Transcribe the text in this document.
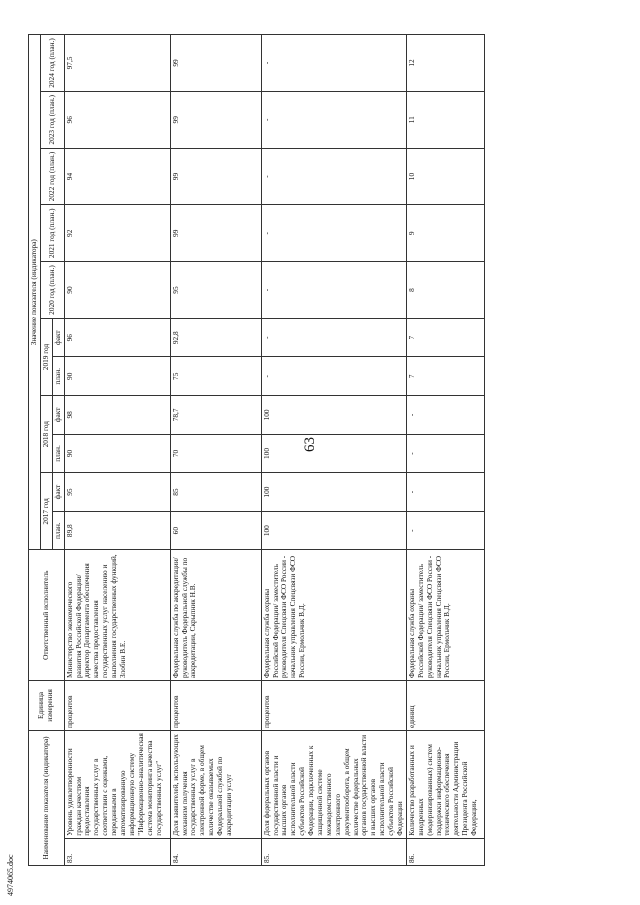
63
4974065.doc
Наименование показателя (индикатора)		Единица измерения	Ответственный исполнитель	Значение показателя (индикатора)										
				2017 год		2018 год		2019 год		2020 год (план.)	2021 год (план.)	2022 год (план.)	2023 год (план.)	2024 год (план.)
				план.	факт	план.	факт	план.	факт					
83.	Уровень удовлетворенности граждан качеством предоставления государственных услуг в соответствии с оценками, переданными в автоматизированную информационную систему "Информационно-аналитическая система мониторинга качества государственных услуг"	процентов	Министерство экономического развития Российской Федерации/ директор Департамента обеспечения качества предоставления государственных услуг населению и выполнения государственных функций, Злобин В.Е.	89,8	95	90	98	90	96	90	92	94	96	97,5
84.	Доля заявителей, использующих механизм получения государственных услуг в электронной форме, в общем количестве оказываемых Федеральной службой по аккредитации услуг	процентов	Федеральная служба по аккредитации/ руководитель Федеральной службы по аккредитации, Скрыпник Н.В.	60	85	70	78,7	75	92,8	95	99	99	99	99
85.	Доля федеральных органов государственной власти и высших органов исполнительной власти субъектов Российской Федерации, подключенных к защищенной системе межведомственного электронного документооборота, в общем количестве федеральных органов государственной власти и высших органов исполнительной власти субъектов Российской Федерации	процентов	Федеральная служба охраны Российской Федерации/ заместитель руководителя Спецсвязи ФСО России - начальник управления Спецсвязи ФСО России, Ермольчик В.Д.	100	100	100	100	-	-	-	-	-	-	-
86.	Количество разработанных и внедренных (модернизированных) систем поддержки информационно-технического обеспечения деятельности Администрации Президента Российской Федерации,	единиц	Федеральная служба охраны Российской Федерации/ заместитель руководителя Спецсвязи ФСО России - начальник управления Спецсвязи ФСО России, Ермольчик В.Д.	-	-	-	-	7	7	8	9	10	11	12
